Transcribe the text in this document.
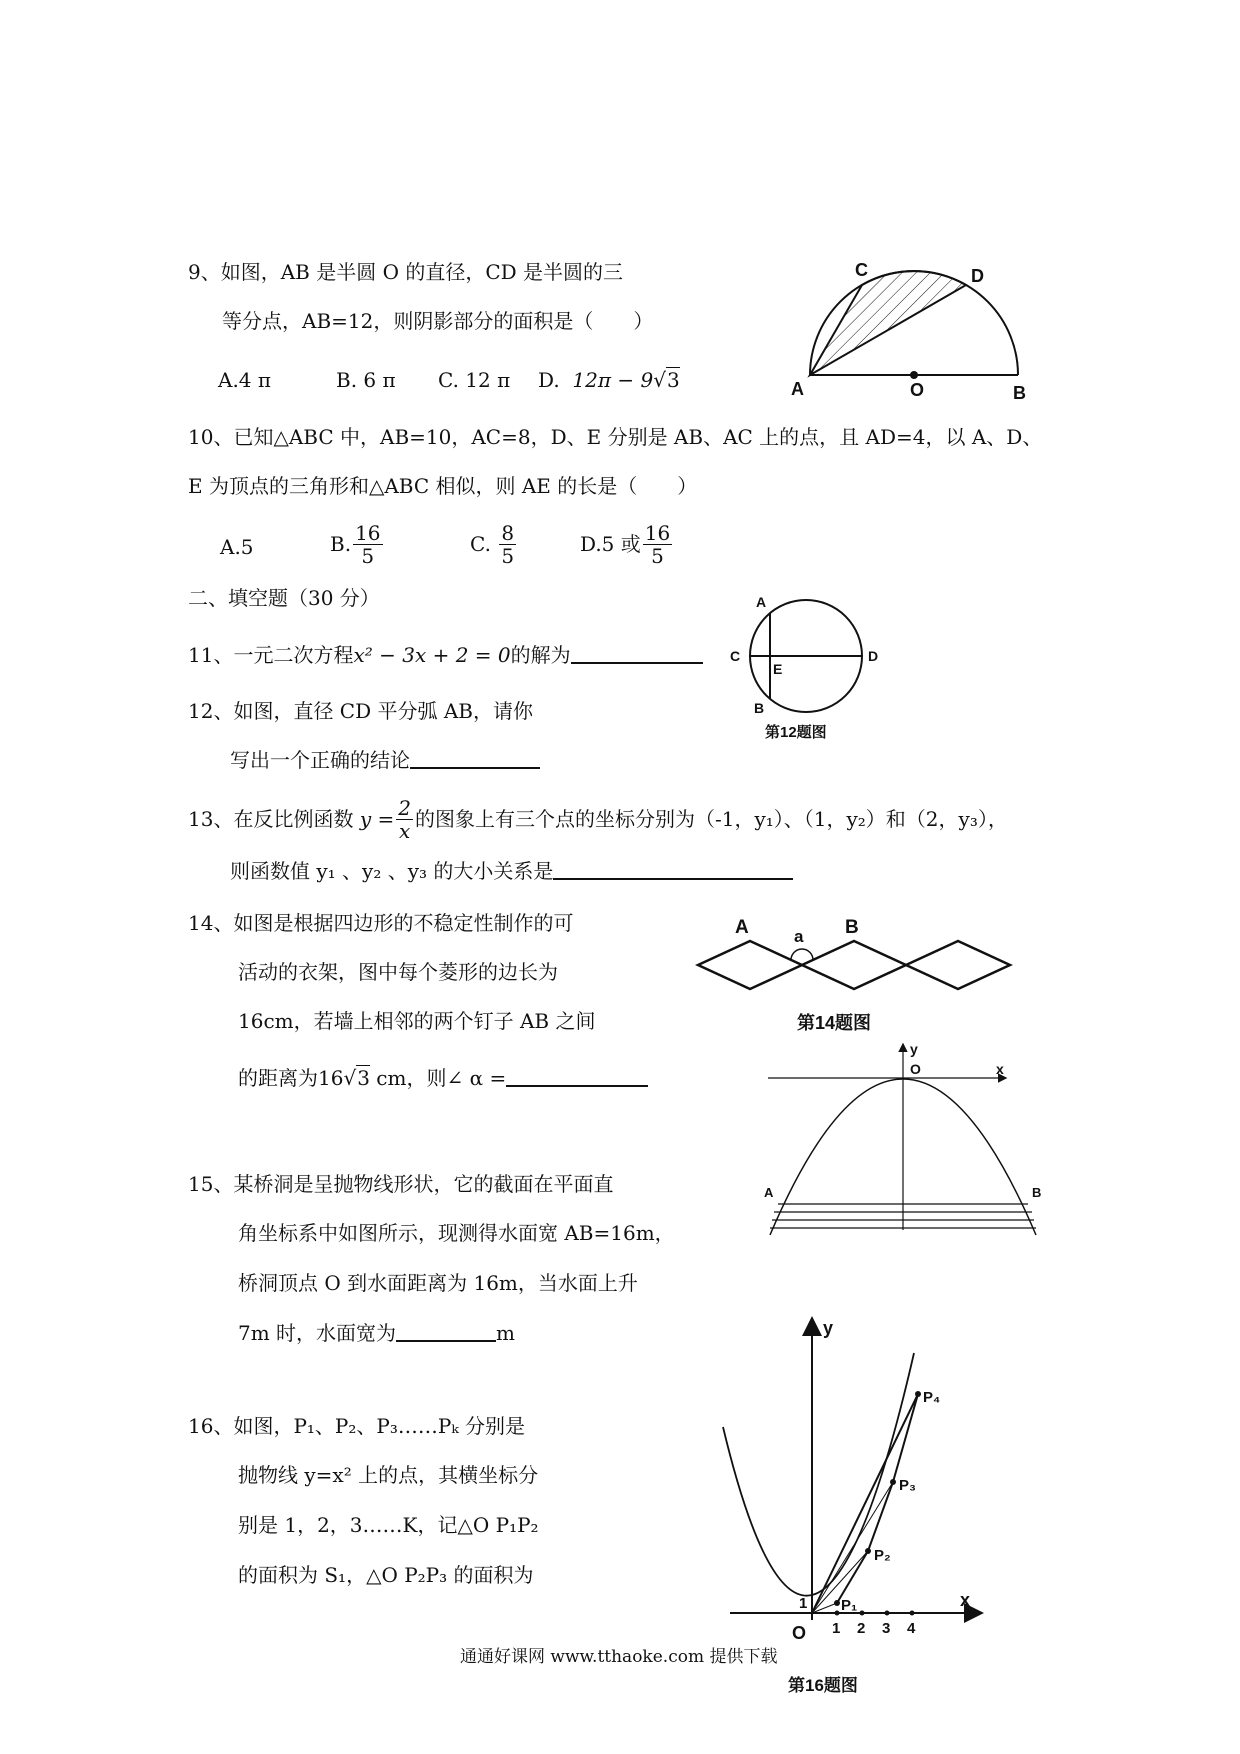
9、如图，AB 是半圆 O 的直径，CD 是半圆的三
等分点，AB=12，则阴影部分的面积是（　　）
A.4 π	B. 6 π C. 12 π D. 12π − 9√3	A
C	D
O	B
10、已知△ABC 中，AB=10，AC=8，D、E 分别是 AB、AC 上的点，且 AD=4，以 A、D、
E 为顶点的三角形和△ABC 相似，则 AE 的长是（　　）
A.5	B. $\frac{16}{5}$	C.
$\frac{8}{5}$	D.5 或 $\frac{16}{5}$
二、填空题（30 分）
11、一元二次方程x² − 3x + 2 = 0的解为
A
C	D
E
B
第12题图
12、如图，直径 CD 平分弧 AB，请你
写出一个正确的结论
13、在反比例函数
$y = \frac{2}{x}$ 的图象上有三个点的坐标分别为（-1，y₁）、（1，y₂）和（2，y₃），
则函数值 y₁ 、y₂ 、y₃ 的大小关系是
14、如图是根据四边形的不稳定性制作的可
活动的衣架，图中每个菱形的边长为
16cm，若墙上相邻的两个钉子 AB 之间
的距离为16√3 cm，则∠ α =
A	B
a
第14题图
O	x
y
A	B
15、某桥洞是呈抛物线形状，它的截面在平面直
角坐标系中如图所示，现测得水面宽 AB=16m，
桥洞顶点 O 到水面距离为 16m，当水面上升
7m 时，水面宽为	m
16、如图，P₁、P₂、P₃……Pₖ 分别是
抛物线 y=x² 上的点，其横坐标分
别是 1，2，3……K，记△O P₁P₂
的面积为 S₁，△O P₂P₃ 的面积为
y
x
O
1 P₁
P₂
P₃
P₄
1 2 3 4
第16题图
通通好课网 www.tthaoke.com 提供下载
